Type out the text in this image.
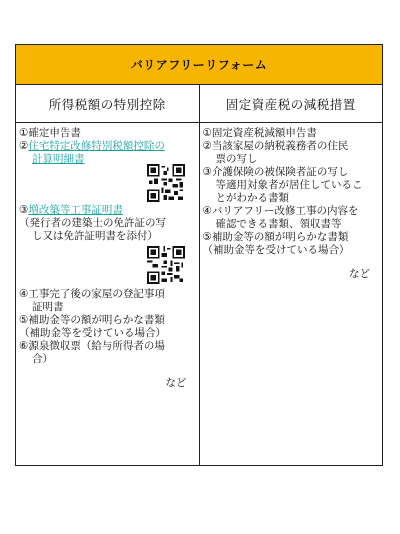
バリアフリーリフォーム
所得税額の特別控除	固定資産税の減税措置

①確定申告書

②住宅特定改修特別税額控除の

計算明細書

③増改築等工事証明書

（発行者の建築士の免許証の写

し又は免許証明書を添付）

④工事完了後の家屋の登記事項

証明書

⑤補助金等の額が明らかな書類

（補助金等を受けている場合）

⑥源泉徴収票（給与所得者の場

合）

など

①固定資産税減額申告書

②当該家屋の納税義務者の住民

票の写し

③介護保険の被保険者証の写し

等適用対象者が居住しているこ

とがわかる書類

④バリアフリー改修工事の内容を

確認できる書類、領収書等

⑤補助金等の額が明らかな書類

（補助金等を受けている場合）

など
